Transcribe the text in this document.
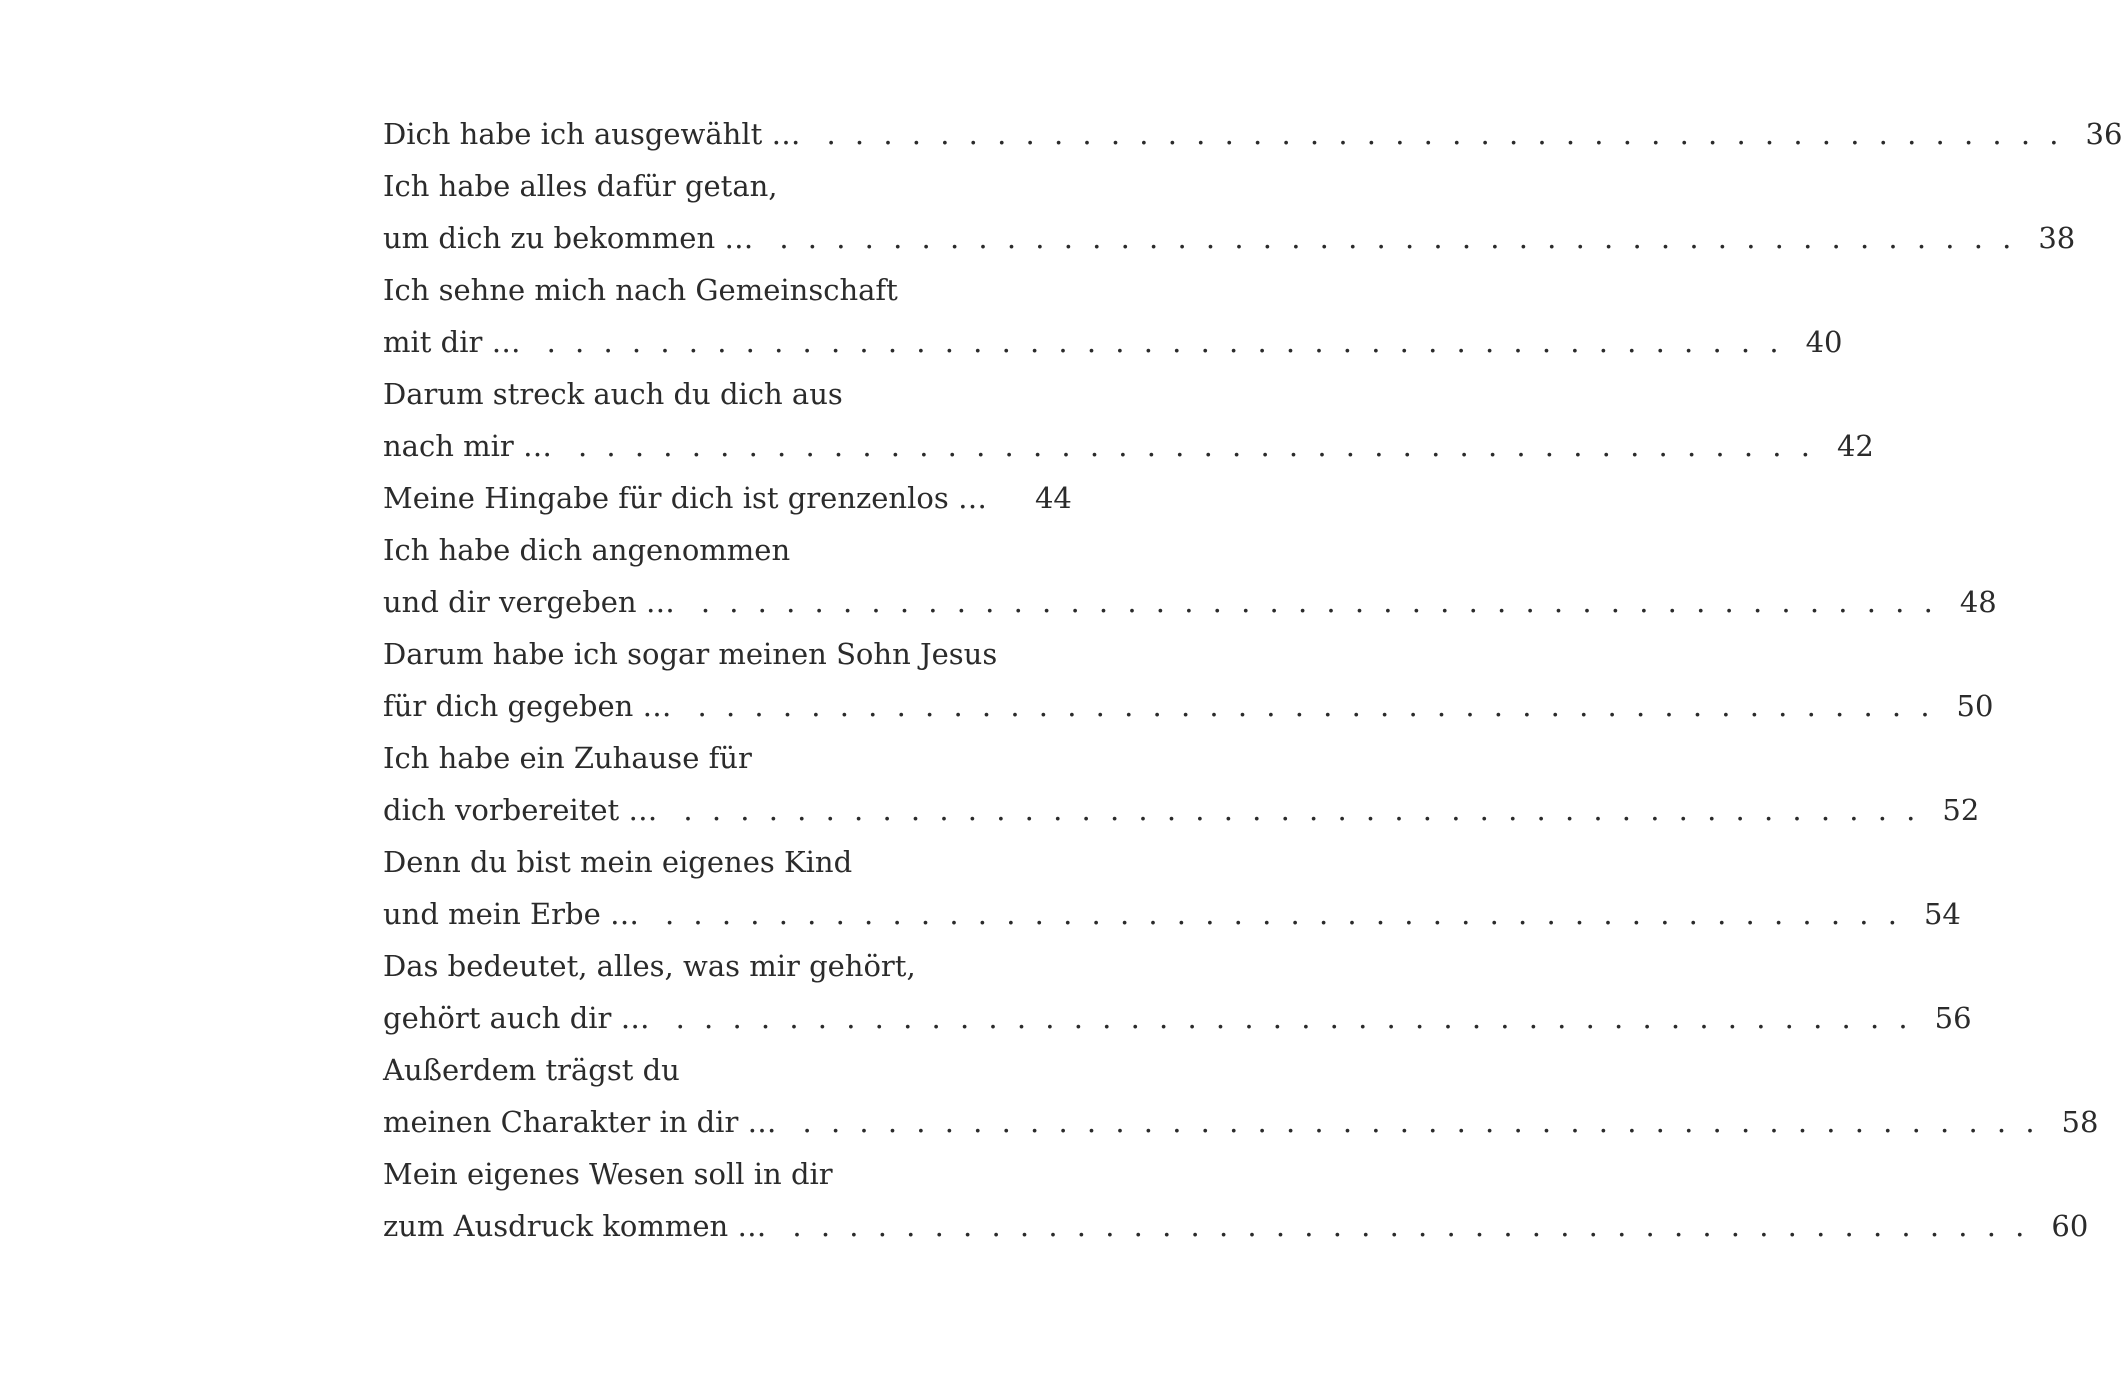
Dich habe ich ausgewählt … . . . . . . . . . . . . . . . . . . . . . . . . . . . . . . . . . . . . . . . . . . . . 36
Ich habe alles dafür getan,
um dich zu bekommen … . . . . . . . . . . . . . . . . . . . . . . . . . . . . . . . . . . . . . . . . . . . . 38
Ich sehne mich nach Gemeinschaft
mit dir … . . . . . . . . . . . . . . . . . . . . . . . . . . . . . . . . . . . . . . . . . . . . 40
Darum streck auch du dich aus
nach mir … . . . . . . . . . . . . . . . . . . . . . . . . . . . . . . . . . . . . . . . . . . . . 42
Meine Hingabe für dich ist grenzenlos … 44
Ich habe dich angenommen
und dir vergeben … . . . . . . . . . . . . . . . . . . . . . . . . . . . . . . . . . . . . . . . . . . . . 48
Darum habe ich sogar meinen Sohn Jesus
für dich gegeben … . . . . . . . . . . . . . . . . . . . . . . . . . . . . . . . . . . . . . . . . . . . . 50
Ich habe ein Zuhause für
dich vorbereitet … . . . . . . . . . . . . . . . . . . . . . . . . . . . . . . . . . . . . . . . . . . . . 52
Denn du bist mein eigenes Kind
und mein Erbe … . . . . . . . . . . . . . . . . . . . . . . . . . . . . . . . . . . . . . . . . . . . . 54
Das bedeutet, alles, was mir gehört,
gehört auch dir … . . . . . . . . . . . . . . . . . . . . . . . . . . . . . . . . . . . . . . . . . . . . 56
Außerdem trägst du
meinen Charakter in dir … . . . . . . . . . . . . . . . . . . . . . . . . . . . . . . . . . . . . . . . . . . . . 58
Mein eigenes Wesen soll in dir
zum Ausdruck kommen … . . . . . . . . . . . . . . . . . . . . . . . . . . . . . . . . . . . . . . . . . . . . 60
